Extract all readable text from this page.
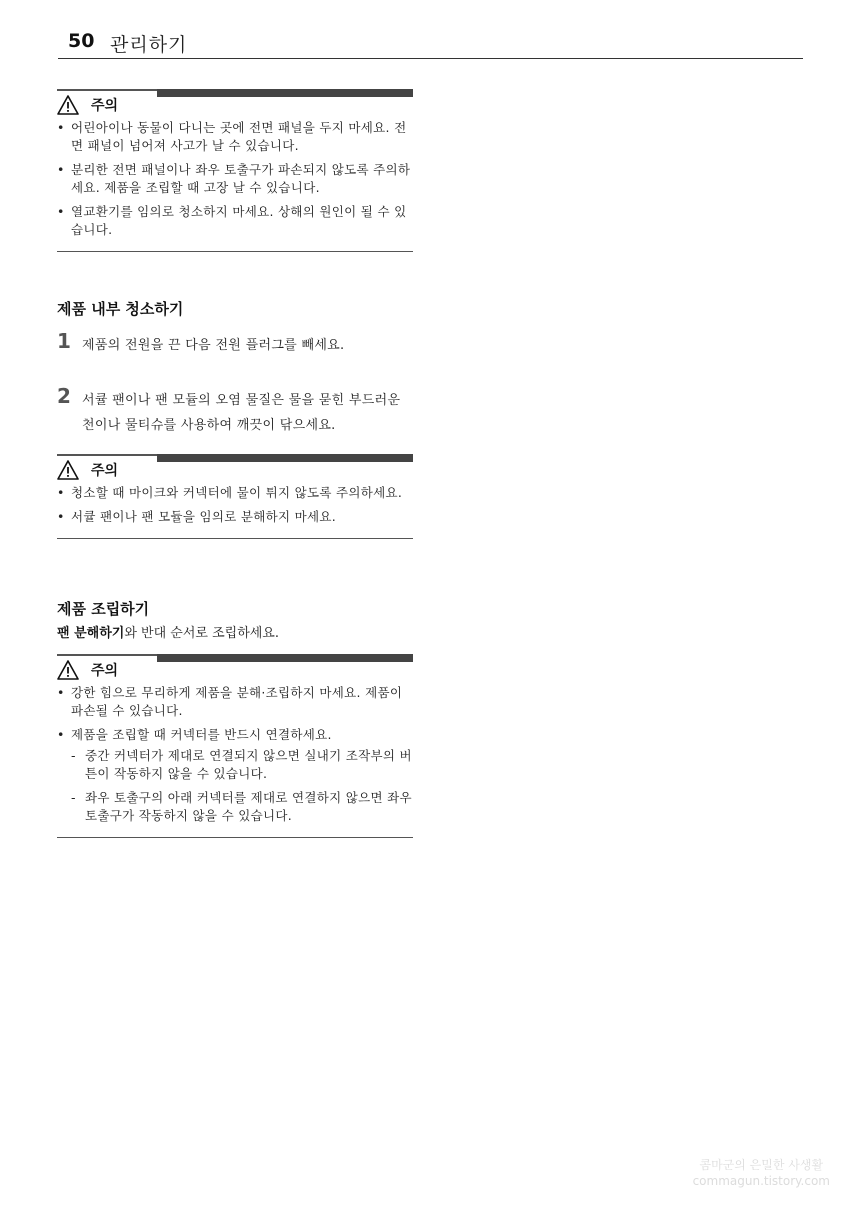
50 관리하기
주의
• 어린아이나 동물이 다니는 곳에 전면 패널을 두지 마세요. 전면 패널이 넘어져 사고가 날 수 있습니다.
• 분리한 전면 패널이나 좌우 토출구가 파손되지 않도록 주의하세요. 제품을 조립할 때 고장 날 수 있습니다.
• 열교환기를 임의로 청소하지 마세요. 상해의 원인이 될 수 있습니다.
제품 내부 청소하기
1 제품의 전원을 끈 다음 전원 플러그를 빼세요.
2 서큘 팬이나 팬 모듈의 오염 물질은 물을 묻힌 부드러운 천이나 물티슈를 사용하여 깨끗이 닦으세요.
주의
• 청소할 때 마이크와 커넥터에 물이 튀지 않도록 주의하세요.
• 서큘 팬이나 팬 모듈을 임의로 분해하지 마세요.
제품 조립하기
팬 분해하기와 반대 순서로 조립하세요.
주의
• 강한 힘으로 무리하게 제품을 분해·조립하지 마세요. 제품이 파손될 수 있습니다.
• 제품을 조립할 때 커넥터를 반드시 연결하세요.
- 중간 커넥터가 제대로 연결되지 않으면 실내기 조작부의 버튼이 작동하지 않을 수 있습니다.
- 좌우 토출구의 아래 커넥터를 제대로 연결하지 않으면 좌우 토출구가 작동하지 않을 수 있습니다.
콤마군의 은밀한 사생활
commagun.tistory.com
